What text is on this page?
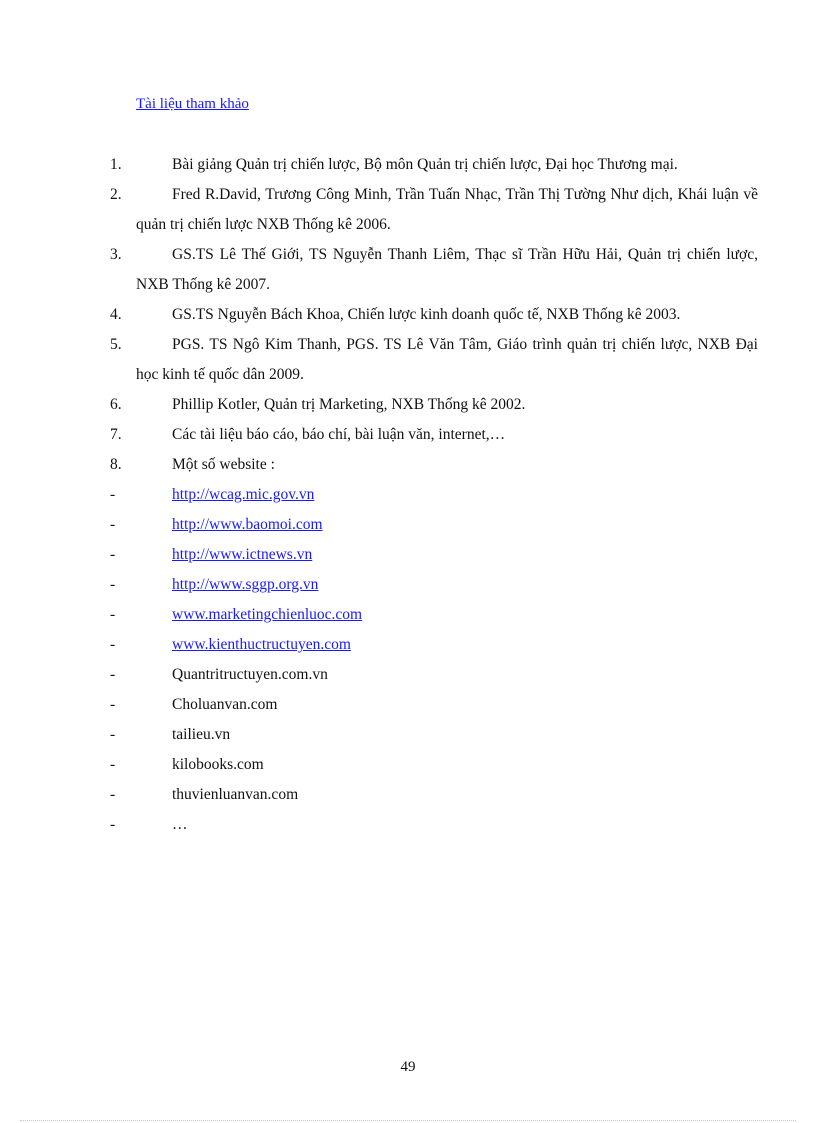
Tài liệu tham khảo
1.	Bài giảng Quản trị chiến lược, Bộ môn Quản trị chiến lược, Đại học Thương mại.
2.	Fred R.David, Trương Công Minh, Trần Tuấn Nhạc, Trần Thị Tường Như dịch, Khái luận về quản trị chiến lược NXB Thống kê 2006.
3.	GS.TS Lê Thế Giới, TS Nguyễn Thanh Liêm, Thạc sĩ Trần Hữu Hải, Quản trị chiến lược, NXB Thống kê 2007.
4.	GS.TS Nguyễn Bách Khoa, Chiến lược kinh doanh quốc tế, NXB Thống kê 2003.
5.	PGS. TS Ngô Kim Thanh, PGS. TS Lê Văn Tâm, Giáo trình quản trị chiến lược, NXB Đại học kinh tế quốc dân 2009.
6.	Phillip Kotler, Quản trị Marketing, NXB Thống kê 2002.
7.	Các tài liệu báo cáo, báo chí, bài luận văn, internet,…
8.	Một số website :
-	http://wcag.mic.gov.vn
-	http://www.baomoi.com
-	http://www.ictnews.vn
-	http://www.sggp.org.vn
-	www.marketingchienluoc.com
-	www.kienthuctructuyen.com
-	Quantritructuyen.com.vn
-	Choluanvan.com
-	tailieu.vn
-	kilobooks.com
-	thuvienluanvan.com
-	…
49
